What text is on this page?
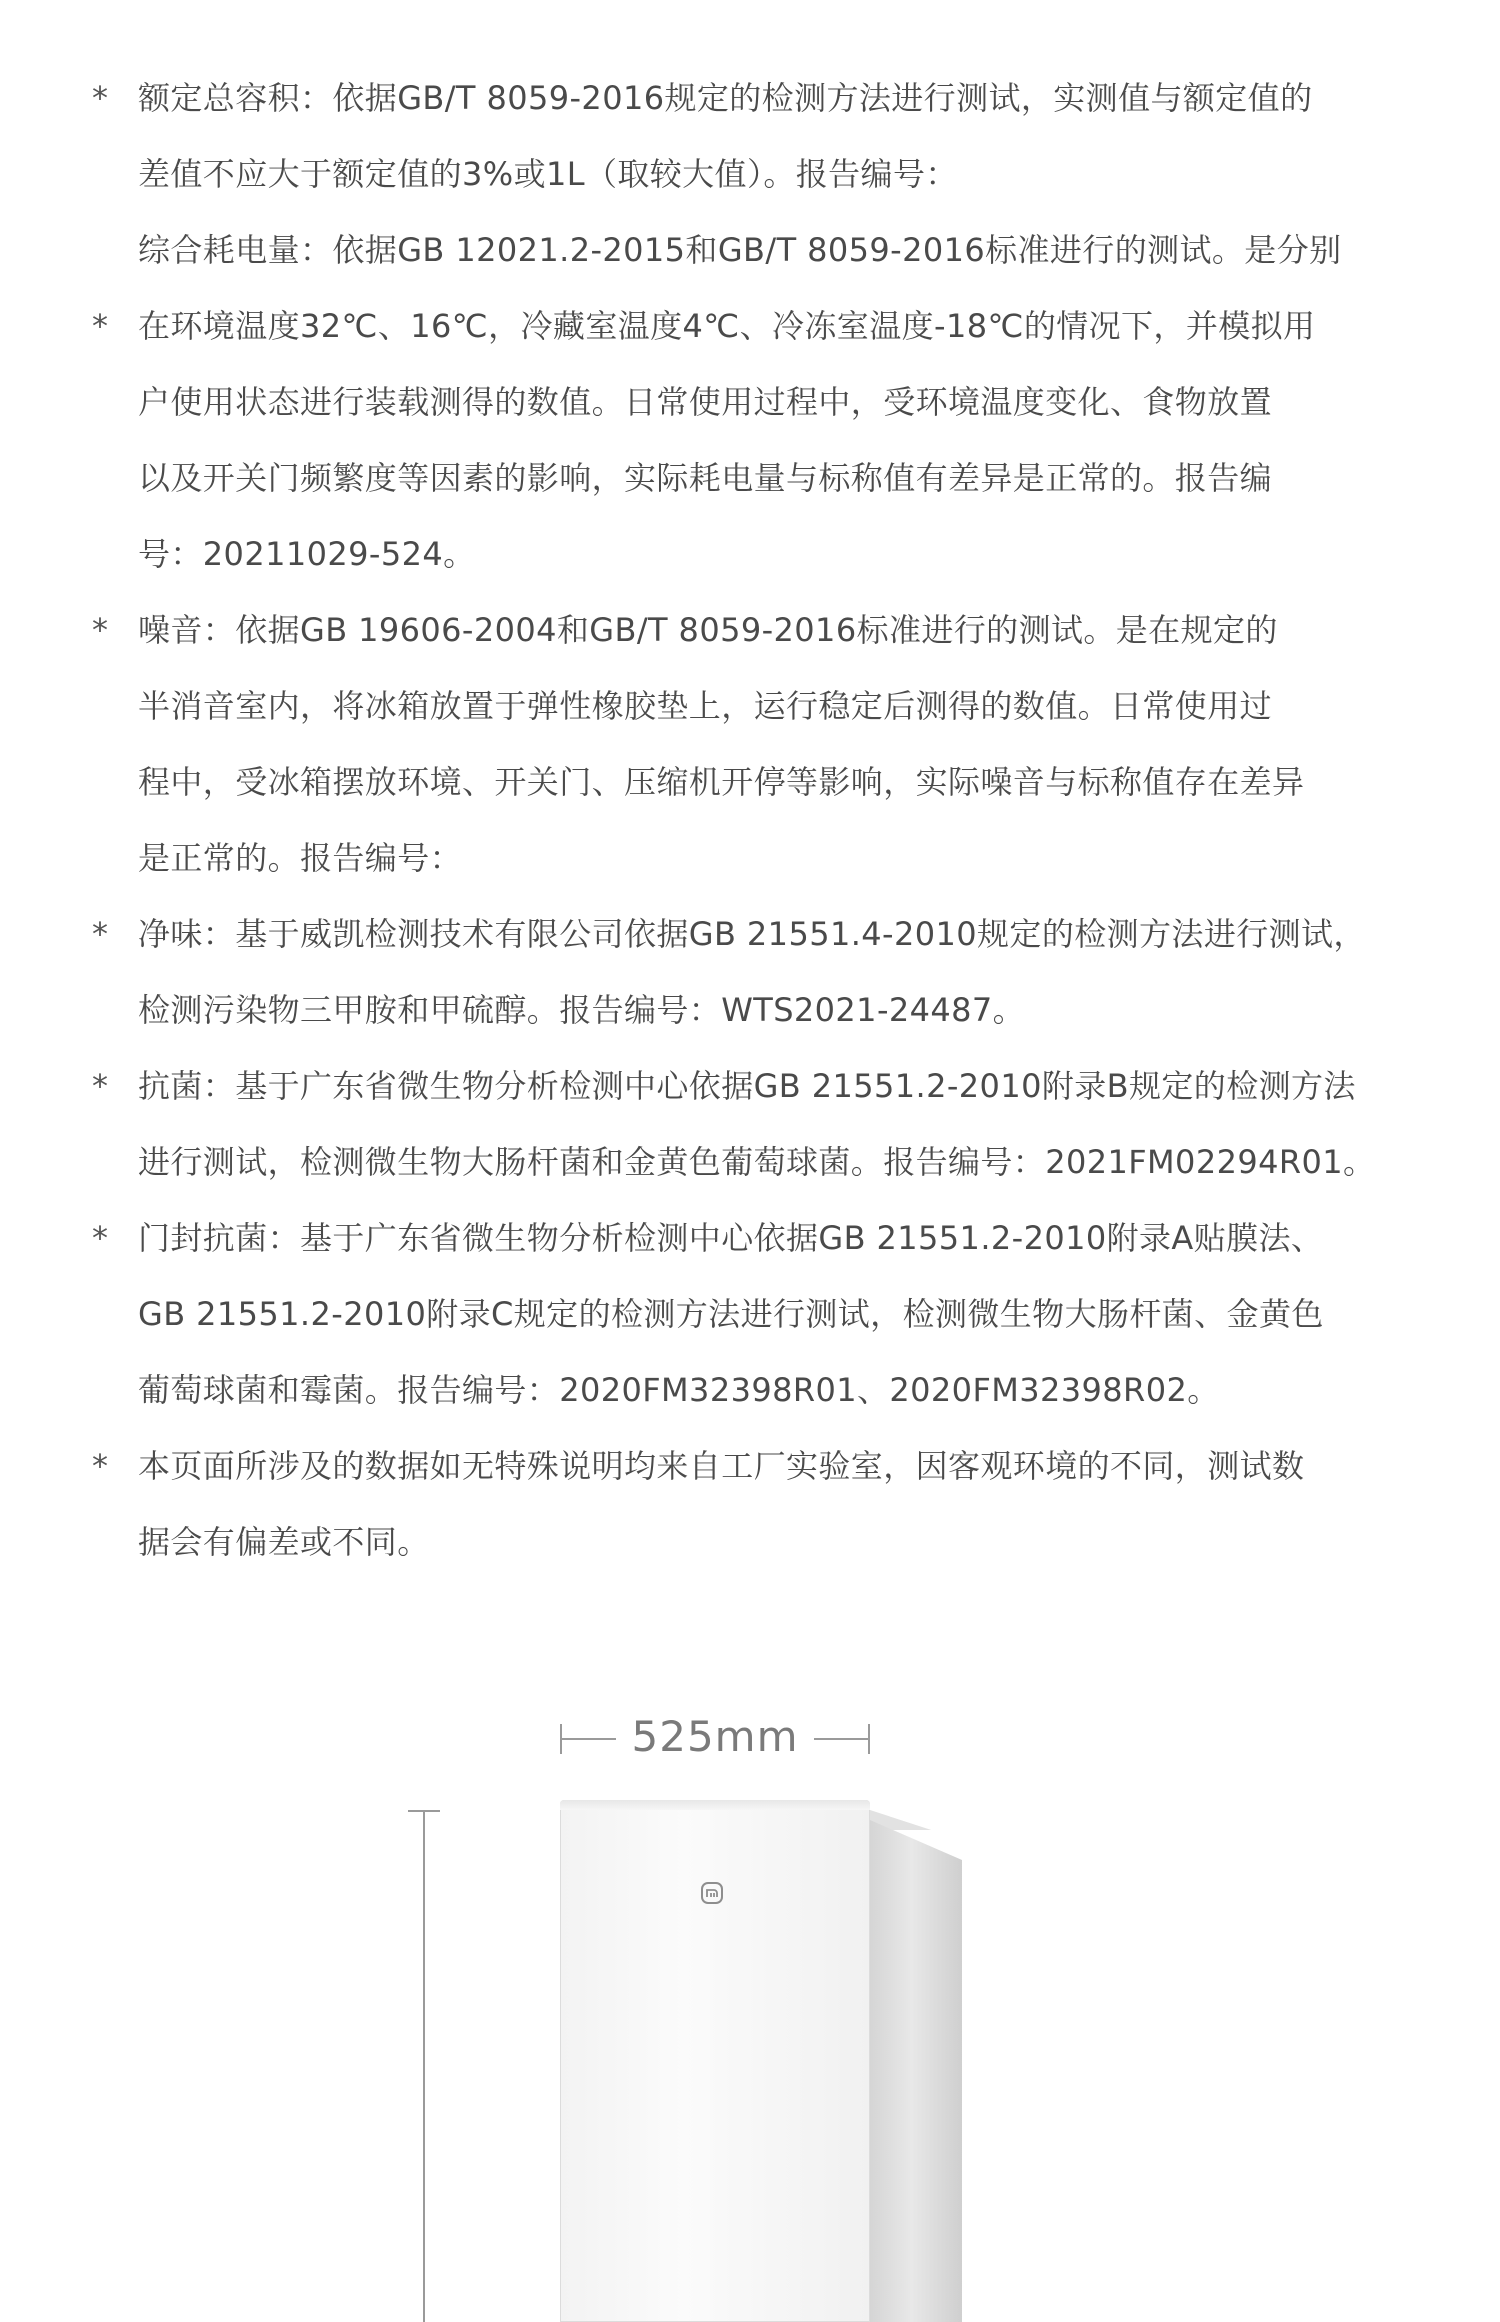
* 额定总容积：依据GB/T 8059-2016规定的检测方法进行测试，实测值与额定值的
差值不应大于额定值的3%或1L（取较大值）。报告编号：
综合耗电量：依据GB 12021.2-2015和GB/T 8059-2016标准进行的测试。是分别
* 在环境温度32℃、16℃，冷藏室温度4℃、冷冻室温度-18℃的情况下，并模拟用
户使用状态进行装载测得的数值。日常使用过程中，受环境温度变化、食物放置
以及开关门频繁度等因素的影响，实际耗电量与标称值有差异是正常的。报告编
号：20211029-524。
* 噪音：依据GB 19606-2004和GB/T 8059-2016标准进行的测试。是在规定的
半消音室内，将冰箱放置于弹性橡胶垫上，运行稳定后测得的数值。日常使用过
程中，受冰箱摆放环境、开关门、压缩机开停等影响，实际噪音与标称值存在差异
是正常的。报告编号：
* 净味：基于威凯检测技术有限公司依据GB 21551.4-2010规定的检测方法进行测试，
检测污染物三甲胺和甲硫醇。报告编号：WTS2021-24487。
* 抗菌：基于广东省微生物分析检测中心依据GB 21551.2-2010附录B规定的检测方法
进行测试，检测微生物大肠杆菌和金黄色葡萄球菌。报告编号：2021FM02294R01。
* 门封抗菌：基于广东省微生物分析检测中心依据GB 21551.2-2010附录A贴膜法、
GB 21551.2-2010附录C规定的检测方法进行测试，检测微生物大肠杆菌、金黄色
葡萄球菌和霉菌。报告编号：2020FM32398R01、2020FM32398R02。
* 本页面所涉及的数据如无特殊说明均来自工厂实验室，因客观环境的不同，测试数
据会有偏差或不同。
525mm
